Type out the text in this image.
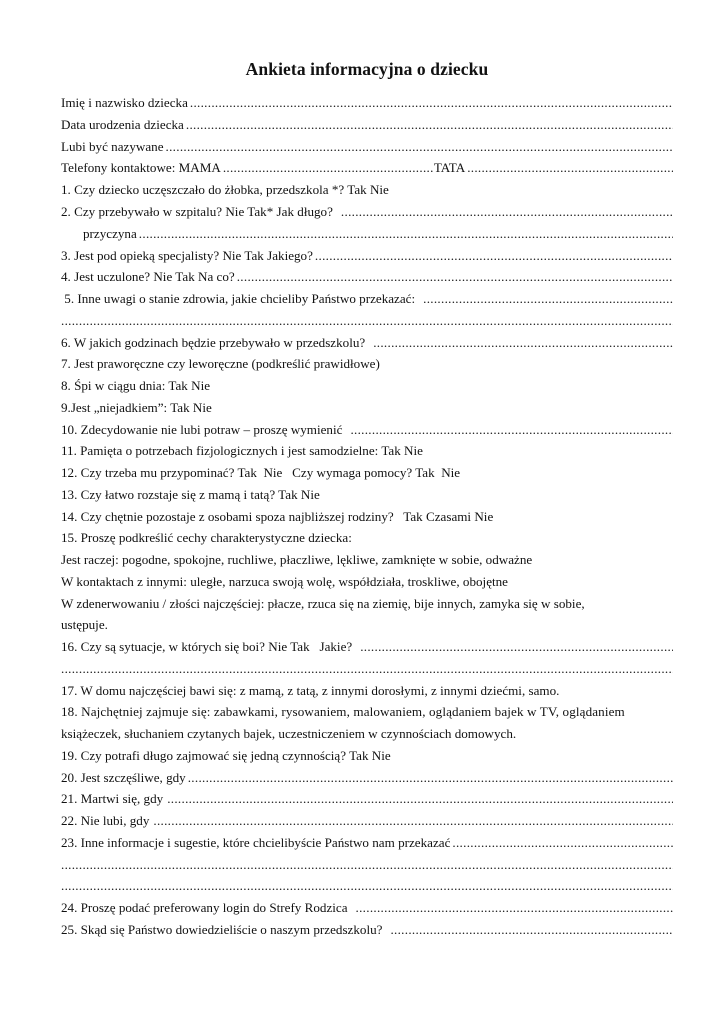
Ankieta informacyjna o dziecku
Imię i nazwisko dziecka
.....
Data urodzenia dziecka
.....
Lubi być nazywane
.....
Telefony kontaktowe: MAMA
.....	TATA
.....
1. Czy dziecko uczęszczało do żłobka, przedszkola *? Tak Nie
2. Czy przebywało w szpitalu? Nie Tak* Jak długo?
.....
przyczyna
.....
3. Jest pod opieką specjalisty? Nie Tak Jakiego?
.....
4. Jest uczulone? Nie Tak Na co?
.....
5. Inne uwagi o stanie zdrowia, jakie chcieliby Państwo przekazać:
.....
.....
6. W jakich godzinach będzie przebywało w przedszkolu?
.....
7. Jest praworęczne czy leworęczne (podkreślić prawidłowe)
8. Śpi w ciągu dnia: Tak Nie
9.Jest „niejadkiem”: Tak Nie
10. Zdecydowanie nie lubi potraw – proszę wymienić
.....
11. Pamięta o potrzebach fizjologicznych i jest samodzielne: Tak Nie
12. Czy trzeba mu przypominać? Tak  Nie   Czy wymaga pomocy? Tak  Nie
13. Czy łatwo rozstaje się z mamą i tatą? Tak Nie
14. Czy chętnie pozostaje z osobami spoza najbliższej rodziny?   Tak Czasami Nie
15. Proszę podkreślić cechy charakterystyczne dziecka:
Jest raczej: pogodne, spokojne, ruchliwe, płaczliwe, lękliwe, zamknięte w sobie, odważne
W kontaktach z innymi: uległe, narzuca swoją wolę, współdziała, troskliwe, obojętne
W zdenerwowaniu / złości najczęściej: płacze, rzuca się na ziemię, bije innych, zamyka się w sobie,
ustępuje.
16. Czy są sytuacje, w których się boi? Nie Tak   Jakie?
.....
.....
17. W domu najczęściej bawi się: z mamą, z tatą, z innymi dorosłymi, z innymi dziećmi, samo.
18. Najchętniej zajmuje się: zabawkami, rysowaniem, malowaniem, oglądaniem bajek w TV, oglądaniem
książeczek, słuchaniem czytanych bajek, uczestniczeniem w czynnościach domowych.
19. Czy potrafi długo zajmować się jedną czynnością? Tak Nie
20. Jest szczęśliwe, gdy
.....
21. Martwi się, gdy
.....
22. Nie lubi, gdy
.....
23. Inne informacje i sugestie, które chcielibyście Państwo nam przekazać
.....
.....
.....
24. Proszę podać preferowany login do Strefy Rodzica
.....
25. Skąd się Państwo dowiedzieliście o naszym przedszkolu?
.....
